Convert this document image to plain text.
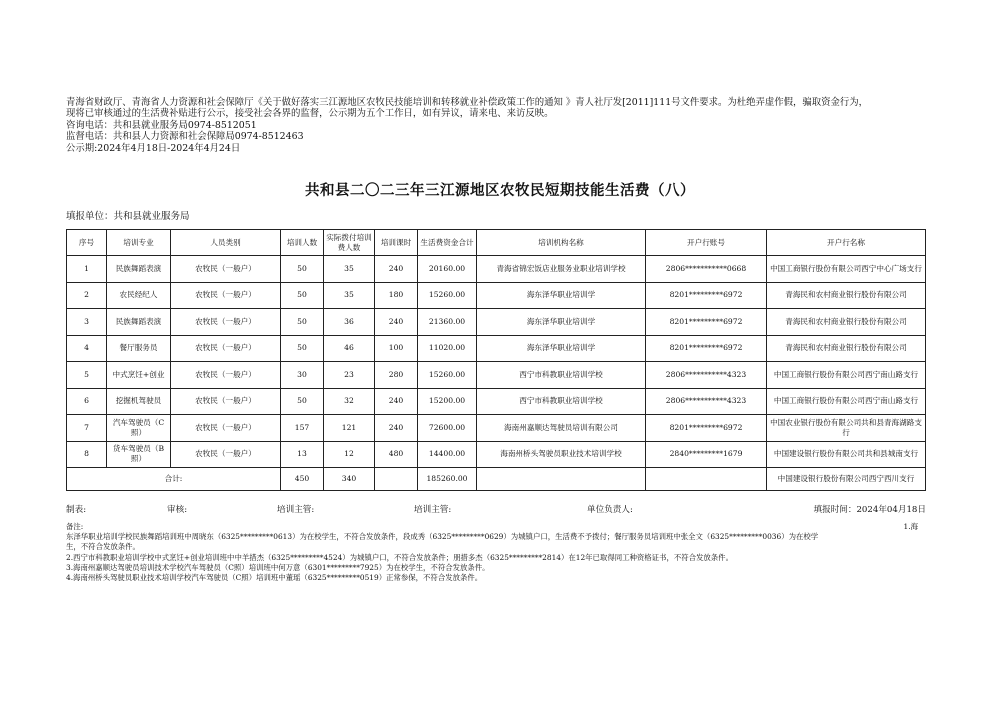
青海省财政厅、青海省人力资源和社会保障厅《关于做好落实三江源地区农牧民技能培训和转移就业补偿政策工作的通知 》青人社厅发[2011]111号文件要求。为杜绝弄虚作假，骗取资金行为，
现将已审核通过的生活费补贴进行公示，接受社会各界的监督，公示期为五个工作日，如有异议，请来电、来访反映。
咨询电话：共和县就业服务局0974-8512051
监督电话：共和县人力资源和社会保障局0974-8512463
公示期:2024年4月18日-2024年4月24日
共和县二〇二三年三江源地区农牧民短期技能生活费（八）
填报单位：共和县就业服务局
序号	培训专业	人员类别	培训人数	实际拨付培训费人数	培训课时	生活费资金合计	培训机构名称	开户行账号	开户行名称
1	民族舞蹈表演	农牧民（一般户）	50	35	240	20160.00	青海省锦宏饭店业服务业职业培训学校	2806***********0668	中国工商银行股份有限公司西宁中心广场支行
2	农民经纪人	农牧民（一般户）	50	35	180	15260.00	海东泽华职业培训学	8201*********6972	青海民和农村商业银行股份有限公司
3	民族舞蹈表演	农牧民（一般户）	50	36	240	21360.00	海东泽华职业培训学	8201*********6972	青海民和农村商业银行股份有限公司
4	餐厅服务员	农牧民（一般户）	50	46	100	11020.00	海东泽华职业培训学	8201*********6972	青海民和农村商业银行股份有限公司
5	中式烹饪+创业	农牧民（一般户）	30	23	280	15260.00	西宁市科教职业培训学校	2806***********4323	中国工商银行股份有限公司西宁南山路支行
6	挖掘机驾驶员	农牧民（一般户）	50	32	240	15200.00	西宁市科教职业培训学校	2806***********4323	中国工商银行股份有限公司西宁南山路支行
7	汽车驾驶员（C照）	农牧民（一般户）	157	121	240	72600.00	海南州嘉顺达驾驶员培训有限公司	8201*********6972	中国农业银行股份有限公司共和县青海湖路支行
8	货车驾驶员（B照）	农牧民（一般户）	13	12	480	14400.00	海南州桥头驾驶员职业技术培训学校	2840*********1679	中国建设银行股份有限公司共和县城南支行
合计:			450	340		185260.00			中国建设银行股份有限公司西宁西川支行
制表:	审核:	培训主管:	培训主管:	单位负责人:	填报时间：2024年04月18日
备注:	1.海
东泽华职业培训学校民族舞蹈培训班中周晓东（6325*********0613）为在校学生，不符合发放条件，段成秀（6325*********0629）为城镇户口，生活费不予拨付；餐厅服务员培训班中张全文（6325*********0036）为在校学
生，不符合发放条件。
2.西宁市科教职业培训学校中式烹饪+创业培训班中中羊措杰（6325*********4524）为城镇户口，不符合发放条件；朋措多杰（6325*********2814）在12年已取得同工种资格证书，不符合发放条件。
3.海南州嘉顺达驾驶员培训技术学校汽车驾驶员（C照）培训班中何万意（6301*********7925）为在校学生，不符合发放条件。
4.海南州桥头驾驶员职业技术培训学校汽车驾驶员（C照）培训班中董瑶（6325*********0519）正常参保，不符合发放条件。
